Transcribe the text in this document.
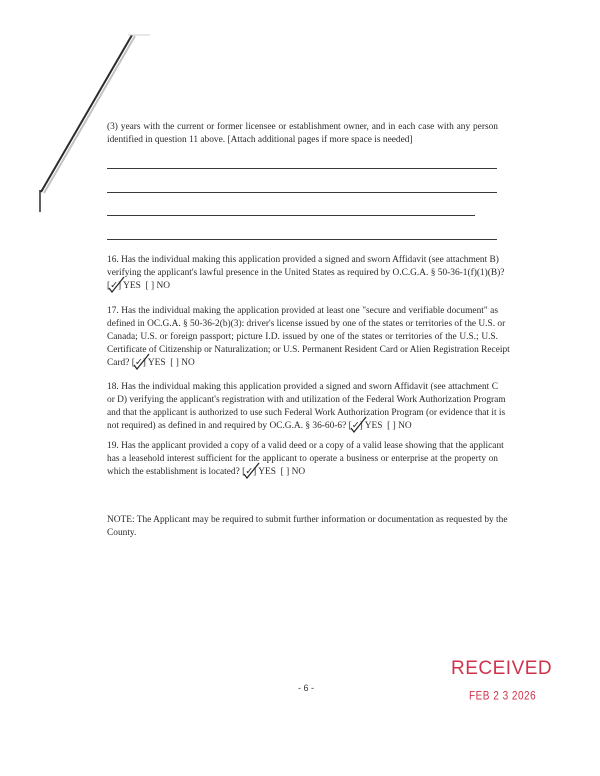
(3) years with the current or former licensee or establishment owner, and in each case with any person
identified in question 11 above. [Attach additional pages if more space is needed]
16. Has the individual making this application provided a signed and sworn Affidavit (see attachment B)
verifying the applicant's lawful presence in the United States as required by O.C.G.A. § 50-36-1(f)(1)(B)?
[✓] YES [ ] NO
17. Has the individual making the application provided at least one "secure and verifiable document" as
defined in OC.G.A. § 50-36-2(b)(3): driver's license issued by one of the states or territories of the U.S. or
Canada; U.S. or foreign passport; picture I.D. issued by one of the states or territories of the U.S.; U.S.
Certificate of Citizenship or Naturalization; or U.S. Permanent Resident Card or Alien Registration Receipt
Card? [✓] YES [ ] NO
18. Has the individual making this application provided a signed and sworn Affidavit (see attachment C
or D) verifying the applicant's registration with and utilization of the Federal Work Authorization Program
and that the applicant is authorized to use such Federal Work Authorization Program (or evidence that it is
not required) as defined in and required by OC.G.A. § 36-60-6? [✓] YES [ ] NO
19. Has the applicant provided a copy of a valid deed or a copy of a valid lease showing that the applicant
has a leasehold interest sufficient for the applicant to operate a business or enterprise at the property on
which the establishment is located? [✓] YES [ ] NO
NOTE: The Applicant may be required to submit further information or documentation as requested by the
County.
- 6 -
RECEIVED
FEB 2 3 2026
